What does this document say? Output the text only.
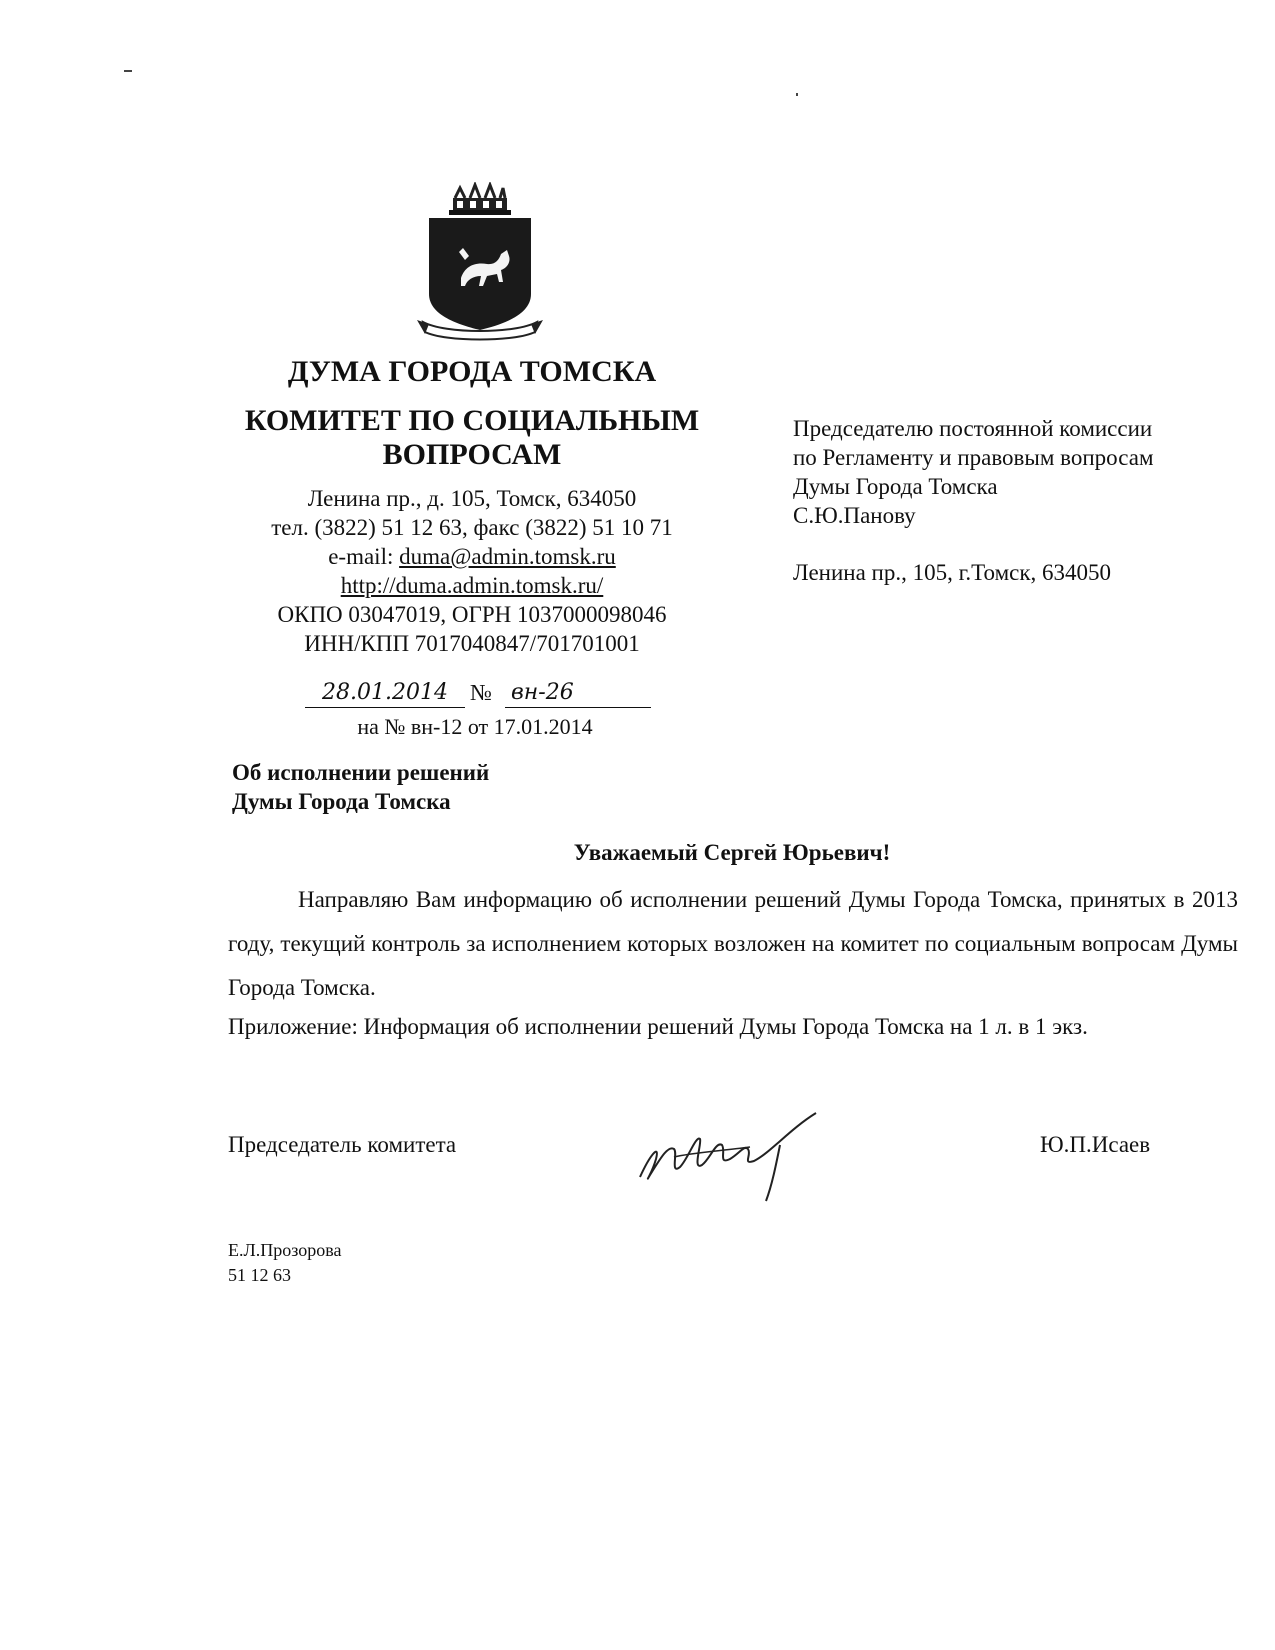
ДУМА ГОРОДА ТОМСКА
КОМИТЕТ ПО СОЦИАЛЬНЫМ
ВОПРОСАМ
Ленина пр., д. 105, Томск, 634050
тел. (3822) 51 12 63, факс (3822) 51 10 71
e-mail: duma@admin.tomsk.ru
http://duma.admin.tomsk.ru/
ОКПО 03047019, ОГРН 1037000098046
ИНН/КПП 7017040847/701701001
28.01.2014 № вн-26
на № вн-12 от 17.01.2014
Председателю постоянной комиссии
по Регламенту и правовым вопросам
Думы Города Томска
С.Ю.Панову
Ленина пр., 105, г.Томск, 634050
Об исполнении решений
Думы Города Томска
Уважаемый Сергей Юрьевич!
Направляю Вам информацию об исполнении решений Думы Города Томска, принятых в 2013 году, текущий контроль за исполнением которых возложен на комитет по социальным вопросам Думы Города Томска.
Приложение: Информация об исполнении решений Думы Города Томска на 1 л. в 1 экз.
Председатель комитета	Ю.П.Исаев
Е.Л.Прозорова
51 12 63
